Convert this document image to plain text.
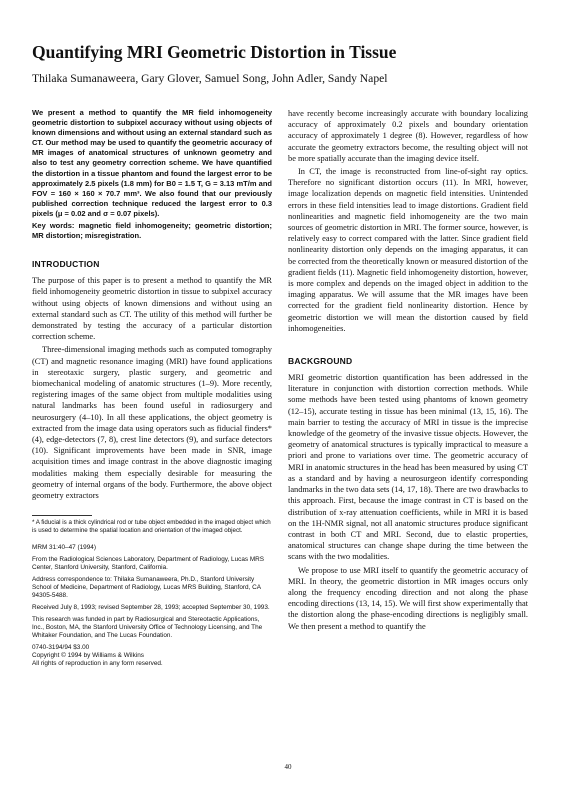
Quantifying MRI Geometric Distortion in Tissue

Thilaka Sumanaweera, Gary Glover, Samuel Song, John Adler, Sandy Napel

We present a method to quantify the MR field inhomogeneity geometric distortion to subpixel accuracy without using objects of known dimensions and without using an external standard such as CT. Our method may be used to quantify the geometric accuracy of MR images of anatomical structures of unknown geometry and also to test any geometry correction scheme. We have quantified the distortion in a tissue phantom and found the largest error to be approximately 2.5 pixels (1.8 mm) for B0 = 1.5 T, G = 3.13 mT/m and FOV = 160 × 160 × 70.7 mm³. We also found that our previously published correction technique reduced the largest error to 0.3 pixels (μ = 0.02 and σ = 0.07 pixels).

Key words: magnetic field inhomogeneity; geometric distortion; MR distortion; misregistration.

INTRODUCTION

The purpose of this paper is to present a method to quantify the MR field inhomogeneity geometric distortion in tissue to subpixel accuracy without using objects of known dimensions and without using an external standard such as CT. The utility of this method will further be demonstrated by testing the accuracy of a particular distortion correction scheme.

Three-dimensional imaging methods such as computed tomography (CT) and magnetic resonance imaging (MRI) have found applications in stereotaxic surgery, plastic surgery, and geometric and biomechanical modeling of anatomic structures (1–9). More recently, registering images of the same object from multiple modalities using natural landmarks has been found useful in radiosurgery and neurosurgery (4–10). In all these applications, the object geometry is extracted from the image data using operators such as fiducial finders* (4), edge-detectors (7, 8), crest line detectors (9), and surface detectors (10). Significant improvements have been made in SNR, image acquisition times and image contrast in the above diagnostic imaging modalities making them especially desirable for measuring the geometry of internal organs of the body. Furthermore, the above object geometry extractors

* A fiducial is a thick cylindrical rod or tube object embedded in the imaged object which is used to determine the spatial location and orientation of the imaged object.

MRM 31:40–47 (1994)

From the Radiological Sciences Laboratory, Department of Radiology, Lucas MRS Center, Stanford University, Stanford, California.

Address correspondence to: Thilaka Sumanaweera, Ph.D., Stanford University School of Medicine, Department of Radiology, Lucas MRS Building, Stanford, CA 94305-5488.

Received July 8, 1993; revised September 28, 1993; accepted September 30, 1993.

This research was funded in part by Radiosurgical and Stereotactic Applications, Inc., Boston, MA, the Stanford University Office of Technology Licensing, and The Whitaker Foundation, and The Lucas Foundation.

0740-3194/94 $3.00

Copyright © 1994 by Williams & Wilkins

All rights of reproduction in any form reserved.

have recently become increasingly accurate with boundary localizing accuracy of approximately 0.2 pixels and boundary orientation accuracy of approximately 1 degree (8). However, regardless of how accurate the geometry extractors become, the resulting object will not be more spatially accurate than the imaging device itself.

In CT, the image is reconstructed from line-of-sight ray optics. Therefore no significant distortion occurs (11). In MRI, however, image localization depends on magnetic field intensities. Unintended errors in these field intensities lead to image distortions. Gradient field nonlinearities and magnetic field inhomogeneity are the two main sources of geometric distortion in MRI. The former source, however, is relatively easy to correct compared with the latter. Since gradient field nonlinearity distortion only depends on the imaging apparatus, it can be corrected from the theoretically known or measured distortion of the gradient fields (11). Magnetic field inhomogeneity distortion, however, is more complex and depends on the imaged object in addition to the imaging apparatus. We will assume that the MR images have been corrected for the gradient field nonlinearity distortion. Hence by geometric distortion we will mean the distortion caused by field inhomogeneities.

BACKGROUND

MRI geometric distortion quantification has been addressed in the literature in conjunction with distortion correction methods. While some methods have been tested using phantoms of known geometry (12–15), accurate testing in tissue has been minimal (13, 15, 16). The main barrier to testing the accuracy of MRI in tissue is the imprecise knowledge of the geometry of the invasive tissue objects. However, the geometry of anatomical structures is typically impractical to measure a priori and prone to variations over time. The geometric accuracy of MRI in anatomic structures in the head has been measured by using CT as a standard and by having a neurosurgeon identify corresponding landmarks in the two data sets (14, 17, 18). There are two drawbacks to this approach. First, because the image contrast in CT is based on the distribution of x-ray attenuation coefficients, while in MRI it is based on the 1H-NMR signal, not all anatomic structures produce significant contrast in both CT and MRI. Second, due to elastic properties, anatomical structures can change shape during the time between the scans with the two modalities.

We propose to use MRI itself to quantify the geometric accuracy of MRI. In theory, the geometric distortion in MR images occurs only along the frequency encoding direction and not along the phase encoding directions (13, 14, 15). We will first show experimentally that the distortion along the phase-encoding directions is negligibly small. We then present a method to quantify the

40
